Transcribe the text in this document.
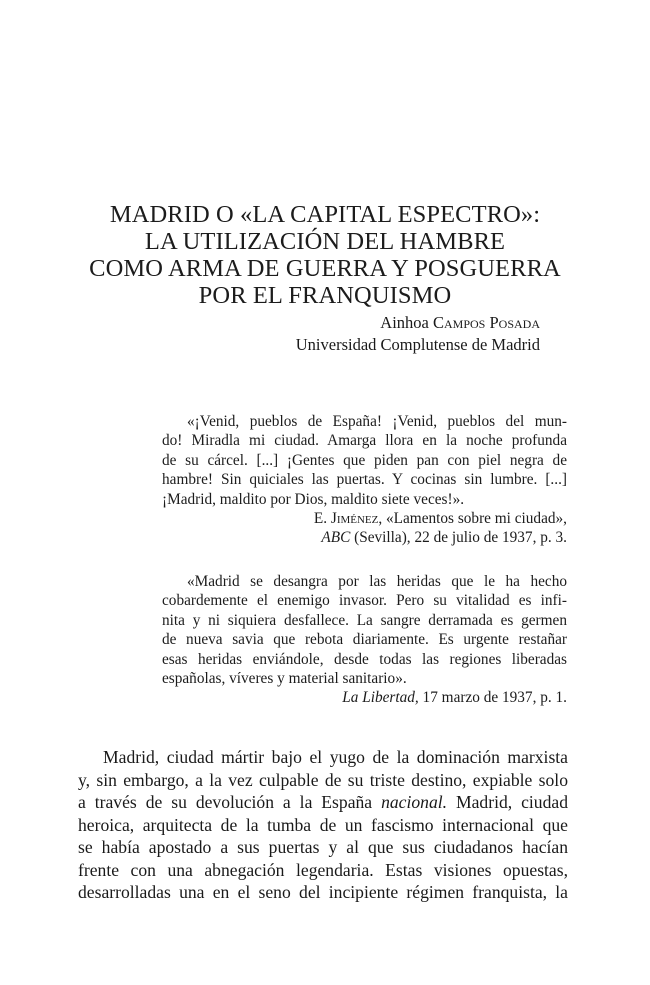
MADRID O «LA CAPITAL ESPECTRO»:
LA UTILIZACIÓN DEL HAMBRE
COMO ARMA DE GUERRA Y POSGUERRA
POR EL FRANQUISMO
Ainhoa Campos Posada
Universidad Complutense de Madrid
«¡Venid, pueblos de España! ¡Venid, pueblos del mun-
do! Miradla mi ciudad. Amarga llora en la noche profunda
de su cárcel. [...] ¡Gentes que piden pan con piel negra de
hambre! Sin quiciales las puertas. Y cocinas sin lumbre. [...]
¡Madrid, maldito por Dios, maldito siete veces!».
E. Jiménez, «Lamentos sobre mi ciudad»,
ABC (Sevilla), 22 de julio de 1937, p. 3.
«Madrid se desangra por las heridas que le ha hecho
cobardemente el enemigo invasor. Pero su vitalidad es infi-
nita y ni siquiera desfallece. La sangre derramada es germen
de nueva savia que rebota diariamente. Es urgente restañar
esas heridas enviándole, desde todas las regiones liberadas
españolas, víveres y material sanitario».
La Libertad, 17 marzo de 1937, p. 1.
Madrid, ciudad mártir bajo el yugo de la dominación marxista
y, sin embargo, a la vez culpable de su triste destino, expiable solo
a través de su devolución a la España nacional. Madrid, ciudad
heroica, arquitecta de la tumba de un fascismo internacional que
se había apostado a sus puertas y al que sus ciudadanos hacían
frente con una abnegación legendaria. Estas visiones opuestas,
desarrolladas una en el seno del incipiente régimen franquista, la
